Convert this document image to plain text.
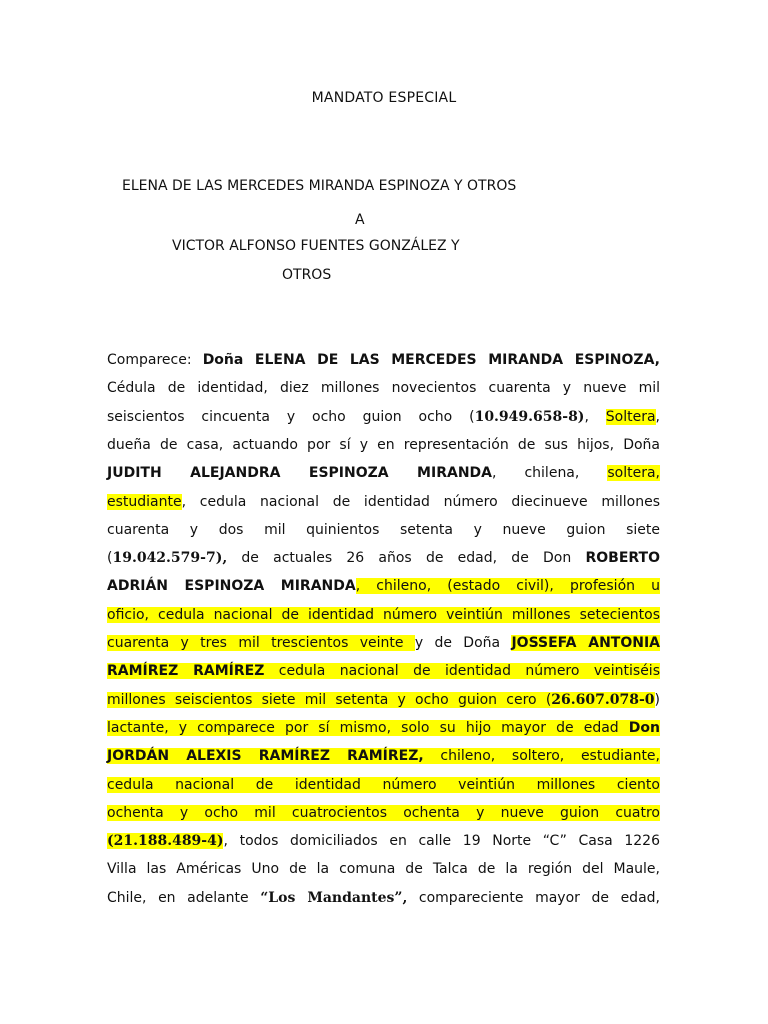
MANDATO ESPECIAL
ELENA DE LAS MERCEDES MIRANDA ESPINOZA Y OTROS
A
VICTOR ALFONSO FUENTES GONZÁLEZ Y
OTROS
Comparece: Doña ELENA DE LAS MERCEDES MIRANDA ESPINOZA,
Cédula de identidad, diez millones novecientos cuarenta y nueve mil
seiscientos cincuenta y ocho guion ocho (10.949.658-8), Soltera,
dueña de casa, actuando por sí y en representación de sus hijos, Doña
JUDITH ALEJANDRA ESPINOZA MIRANDA, chilena, soltera,
estudiante, cedula nacional de identidad número diecinueve millones
cuarenta y dos mil quinientos setenta y nueve guion siete
(19.042.579-7), de actuales 26 años de edad, de Don ROBERTO
ADRIÁN ESPINOZA MIRANDA, chileno, (estado civil), profesión u
oficio, cedula nacional de identidad número veintiún millones setecientos
cuarenta y tres mil trescientos veinte y de Doña JOSSEFA ANTONIA
RAMÍREZ RAMÍREZ cedula nacional de identidad número veintiséis
millones seiscientos siete mil setenta y ocho guion cero (26.607.078-0)
lactante, y comparece por sí mismo, solo su hijo mayor de edad Don
JORDÁN ALEXIS RAMÍREZ RAMÍREZ, chileno, soltero, estudiante,
cedula nacional de identidad número veintiún millones ciento
ochenta y ocho mil cuatrocientos ochenta y nueve guion cuatro
(21.188.489-4), todos domiciliados en calle 19 Norte “C” Casa 1226
Villa las Américas Uno de la comuna de Talca de la región del Maule,
Chile, en adelante “Los Mandantes”, compareciente mayor de edad,
